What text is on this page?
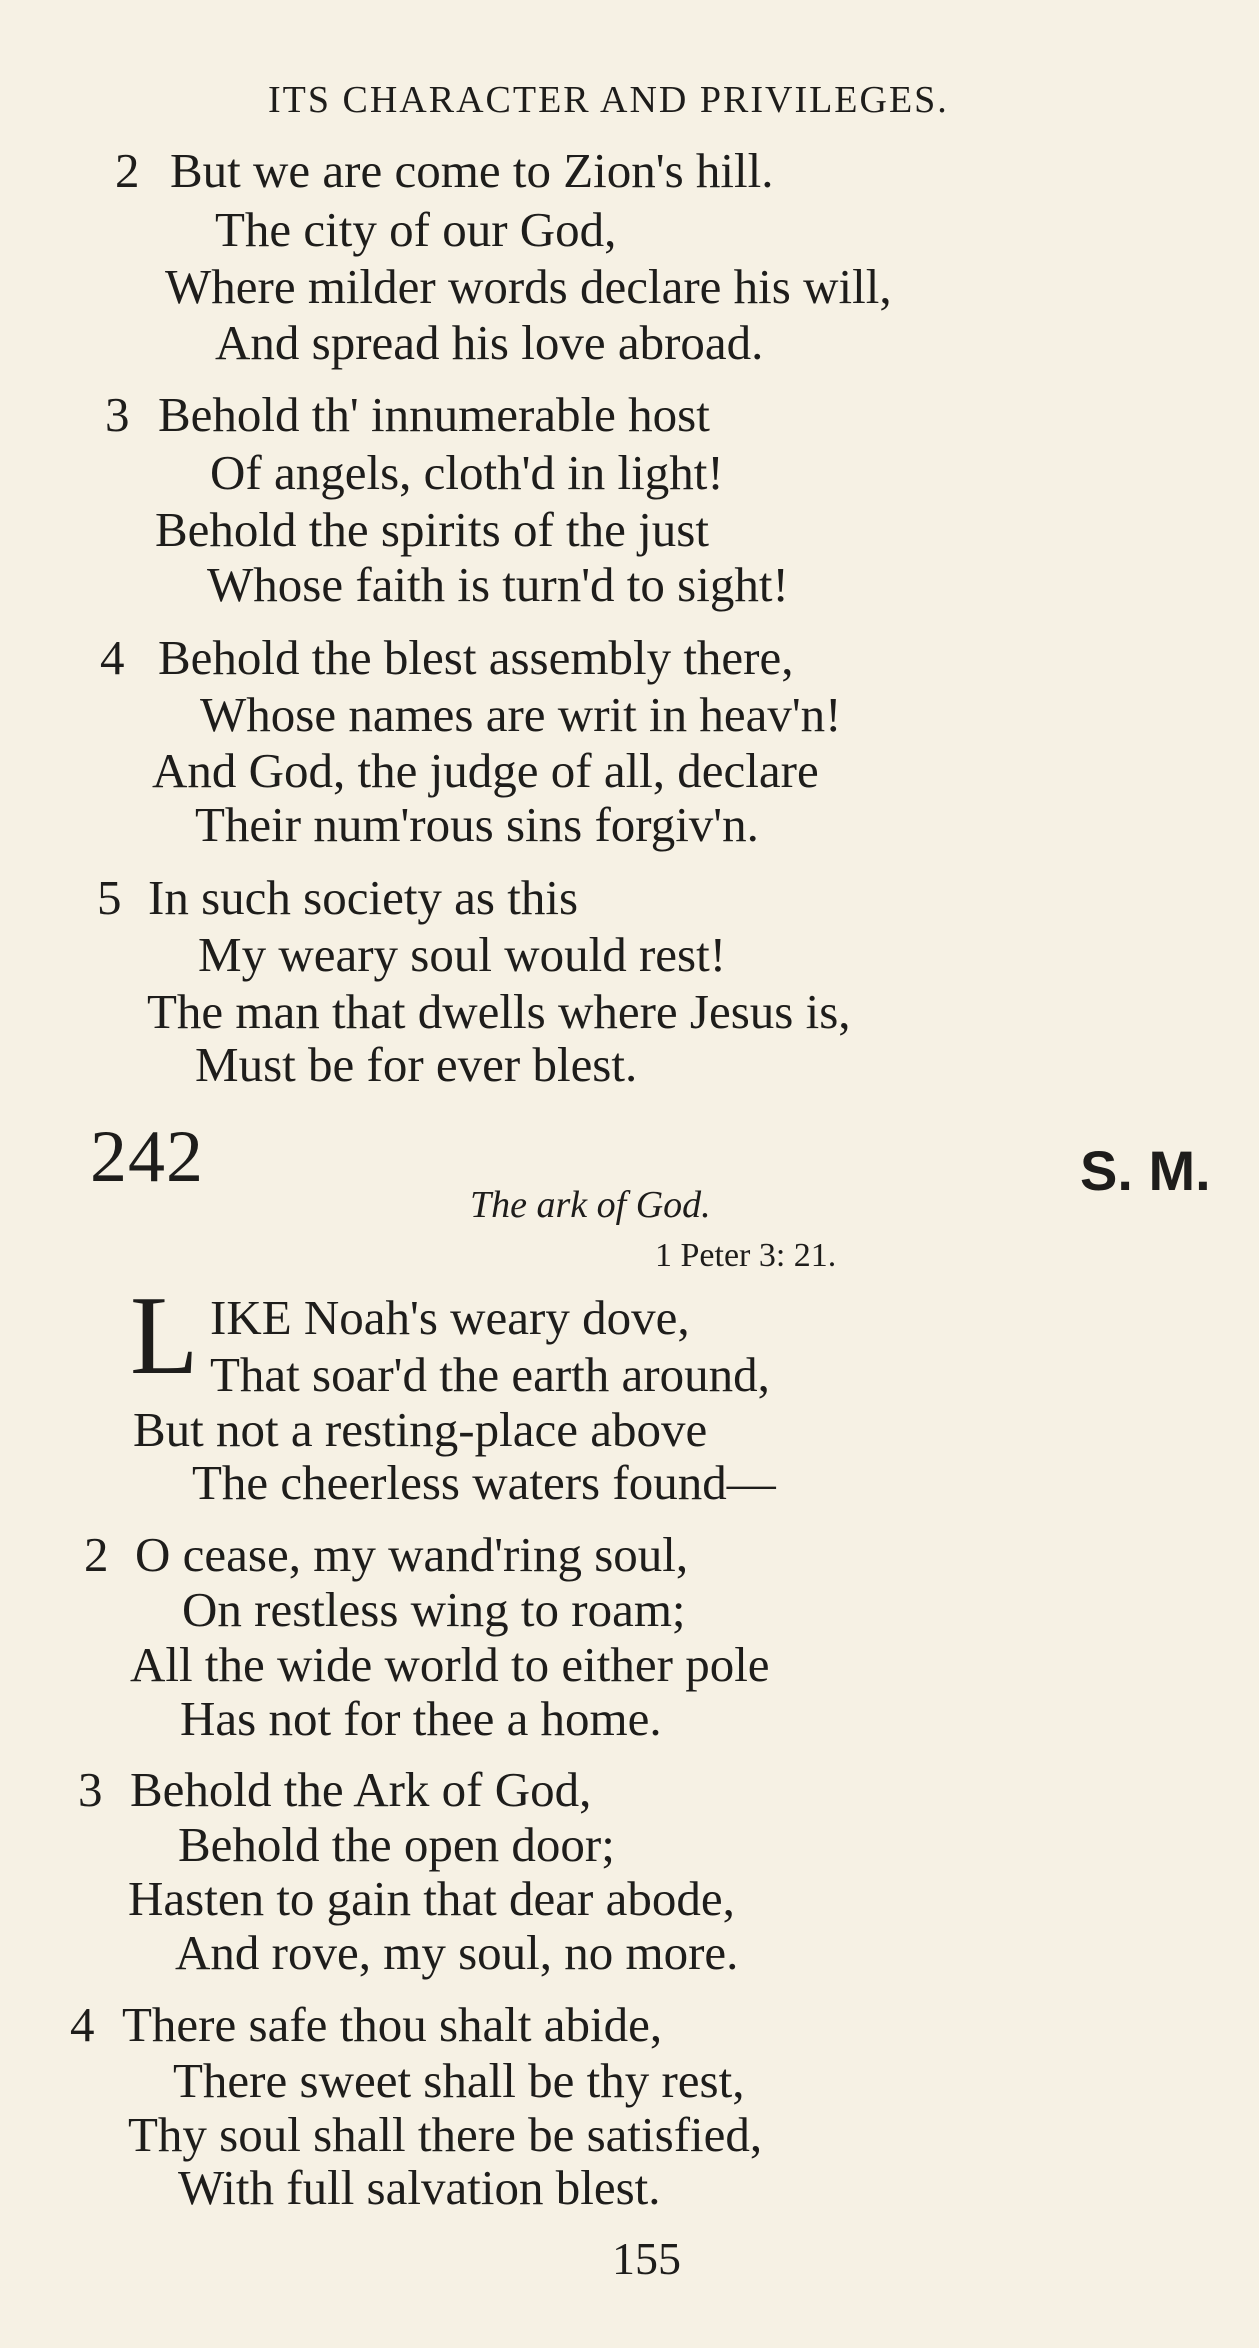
ITS CHARACTER AND PRIVILEGES.
2 But we are come to Zion's hill.
The city of our God,
Where milder words declare his will,
And spread his love abroad.
3 Behold th' innumerable host
Of angels, cloth'd in light!
Behold the spirits of the just
Whose faith is turn'd to sight!
4 Behold the blest assembly there,
Whose names are writ in heav'n!
And God, the judge of all, declare
Their num'rous sins forgiv'n.
5 In such society as this
My weary soul would rest!
The man that dwells where Jesus is,
Must be for ever blest.
242
The ark of God.
S. M.
1 Peter 3: 21.
L IKE Noah's weary dove,
That soar'd the earth around,
But not a resting-place above
The cheerless waters found—
2 O cease, my wand'ring soul,
On restless wing to roam;
All the wide world to either pole
Has not for thee a home.
3 Behold the Ark of God,
Behold the open door;
Hasten to gain that dear abode,
And rove, my soul, no more.
4 There safe thou shalt abide,
There sweet shall be thy rest,
Thy soul shall there be satisfied,
With full salvation blest.
155
